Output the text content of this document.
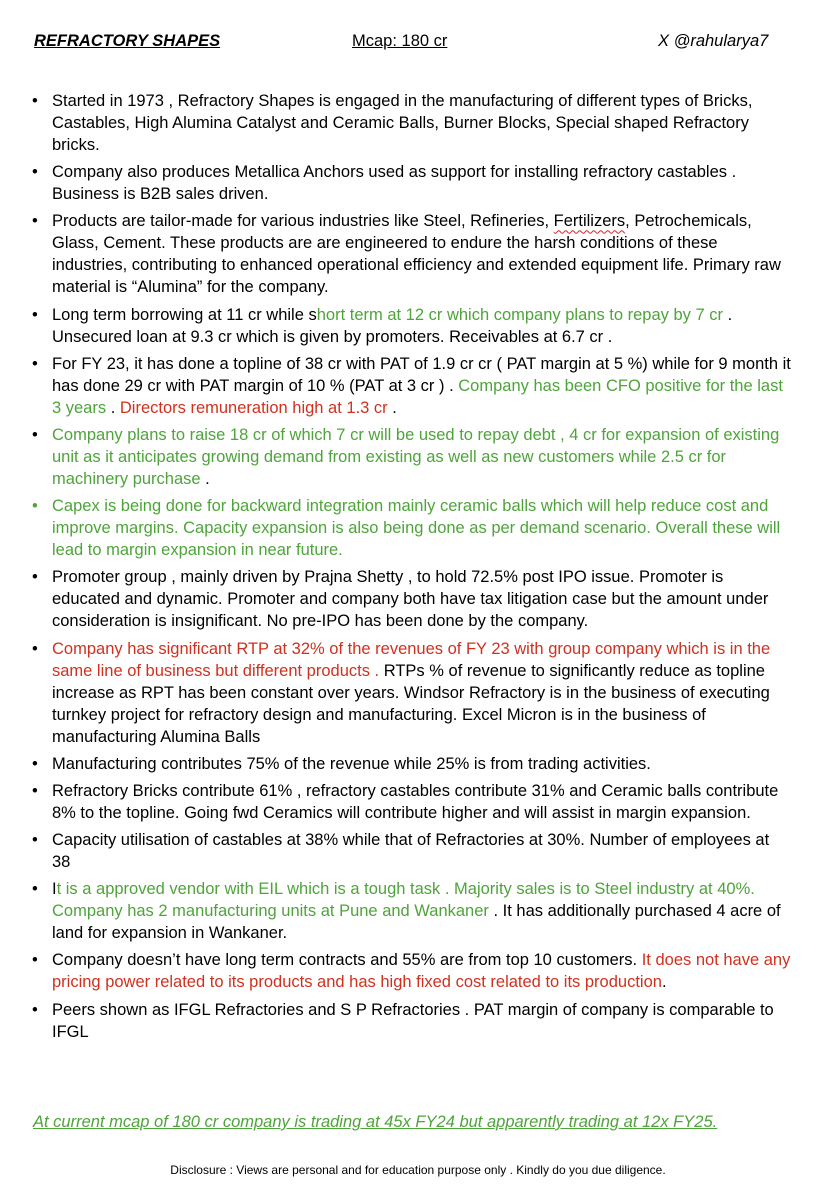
REFRACTORY SHAPES	Mcap: 180 cr	X @rahularya7
• Started in 1973 , Refractory Shapes is engaged in the manufacturing of different types of Bricks, Castables, High Alumina Catalyst and Ceramic Balls, Burner Blocks, Special shaped Refractory bricks.
• Company also produces Metallica Anchors used as support for installing refractory castables . Business is B2B sales driven.
• Products are tailor-made for various industries like Steel, Refineries, Fertilizers, Petrochemicals, Glass, Cement. These products are are engineered to endure the harsh conditions of these industries, contributing to enhanced operational efficiency and extended equipment life. Primary raw material is “Alumina” for the company.
• Long term borrowing at 11 cr while short term at 12 cr which company plans to repay by 7 cr . Unsecured loan at 9.3 cr which is given by promoters. Receivables at 6.7 cr .
• For FY 23, it has done a topline of 38 cr with PAT of 1.9 cr cr ( PAT margin at 5 %) while for 9 month it has done 29 cr with PAT margin of 10 % (PAT at 3 cr ) . Company has been CFO positive for the last 3 years . Directors remuneration high at 1.3 cr .
• Company plans to raise 18 cr of which 7 cr will be used to repay debt , 4 cr for expansion of existing unit as it anticipates growing demand from existing as well as new customers while 2.5 cr for machinery purchase .
• Capex is being done for backward integration mainly ceramic balls which will help reduce cost and improve margins. Capacity expansion is also being done as per demand scenario. Overall these will lead to margin expansion in near future.
• Promoter group , mainly driven by Prajna Shetty , to hold 72.5% post IPO issue. Promoter is educated and dynamic. Promoter and company both have tax litigation case but the amount under consideration is insignificant. No pre-IPO has been done by the company.
• Company has significant RTP at 32% of the revenues of FY 23 with group company which is in the same line of business but different products . RTPs % of revenue to significantly reduce as topline increase as RPT has been constant over years. Windsor Refractory is in the business of executing turnkey project for refractory design and manufacturing. Excel Micron is in the business of manufacturing Alumina Balls
• Manufacturing contributes 75% of the revenue while 25% is from trading activities.
• Refractory Bricks contribute 61% , refractory castables contribute 31% and Ceramic balls contribute 8% to the topline. Going fwd Ceramics will contribute higher and will assist in margin expansion.
• Capacity utilisation of castables at 38% while that of Refractories at 30%. Number of employees at 38
• It is a approved vendor with EIL which is a tough task . Majority sales is to Steel industry at 40%. Company has 2 manufacturing units at Pune and Wankaner . It has additionally purchased 4 acre of land for expansion in Wankaner.
• Company doesn’t have long term contracts and 55% are from top 10 customers. It does not have any pricing power related to its products and has high fixed cost related to its production.
• Peers shown as IFGL Refractories and S P Refractories . PAT margin of company is comparable to IFGL
At current mcap of 180 cr company is trading at 45x FY24 but apparently trading at 12x FY25.
Disclosure : Views are personal and for education purpose only . Kindly do you due diligence.
